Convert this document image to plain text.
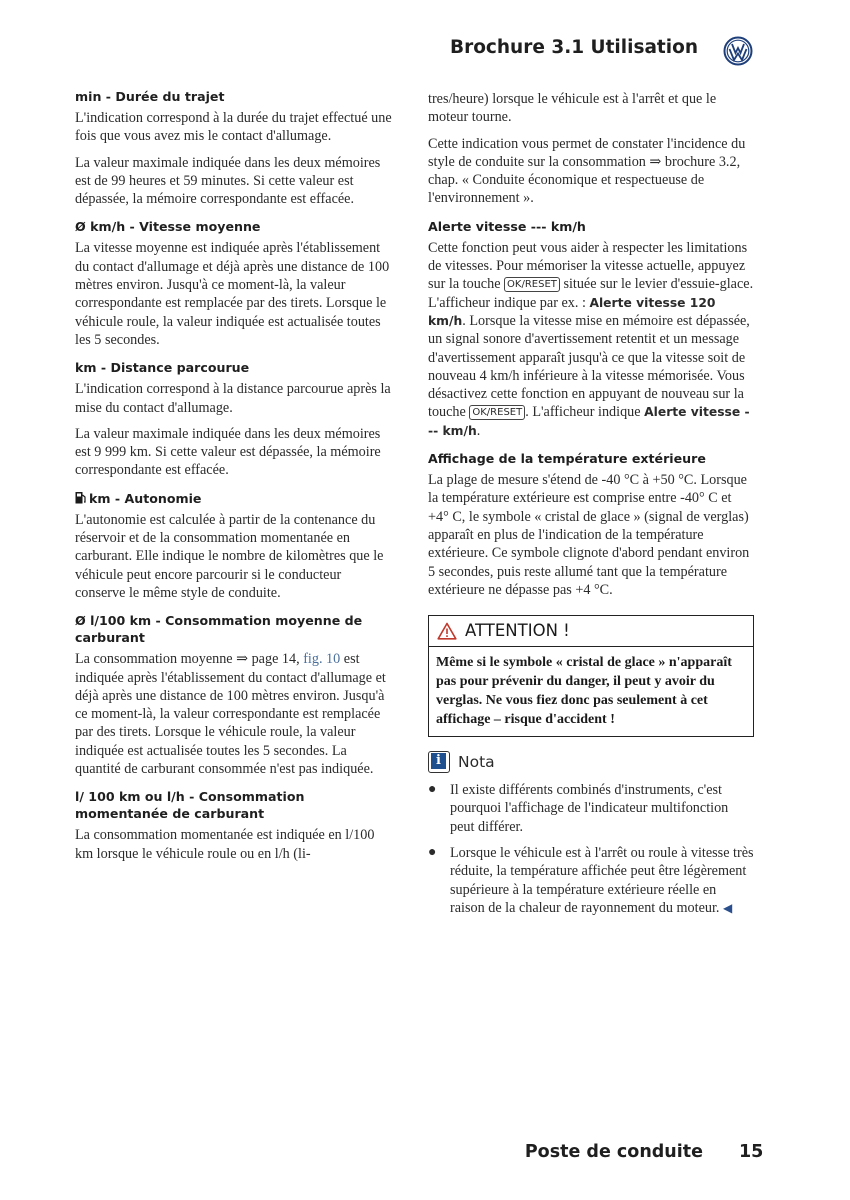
Brochure 3.1 Utilisation
min - Durée du trajet

L'indication correspond à la durée du trajet effectué une fois que vous avez mis le contact d'allumage.

La valeur maximale indiquée dans les deux mémoires est de 99 heures et 59 minutes. Si cette valeur est dépassée, la mémoire correspondante est effacée.

Ø km/h - Vitesse moyenne

La vitesse moyenne est indiquée après l'établissement du contact d'allumage et déjà après une distance de 100 mètres environ. Jusqu'à ce moment-là, la valeur correspondante est remplacée par des tirets. Lorsque le véhicule roule, la valeur indiquée est actualisée toutes les 5 secondes.

km - Distance parcourue

L'indication correspond à la distance parcourue après la mise du contact d'allumage.

La valeur maximale indiquée dans les deux mémoires est 9 999 km. Si cette valeur est dépassée, la mémoire correspondante est effacée.

km - Autonomie

L'autonomie est calculée à partir de la contenance du réservoir et de la consommation momentanée en carburant. Elle indique le nombre de kilomètres que le véhicule peut encore parcourir si le conducteur conserve le même style de conduite.

Ø l/100 km - Consommation moyenne de carburant

La consommation moyenne ⇒ page 14, fig. 10 est indiquée après l'établissement du contact d'allumage et déjà après une distance de 100 mètres environ. Jusqu'à ce moment-là, la valeur correspondante est remplacée par des tirets. Lorsque le véhicule roule, la valeur indiquée est actualisée toutes les 5 secondes. La quantité de carburant consommée n'est pas indiquée.

l/ 100 km ou l/h - Consommation momentanée de carburant

La consommation momentanée est indiquée en l/100 km lorsque le véhicule roule ou en l/h (li-

tres/heure) lorsque le véhicule est à l'arrêt et que le moteur tourne.

Cette indication vous permet de constater l'incidence du style de conduite sur la consommation ⇒ brochure 3.2, chap. « Conduite économique et respectueuse de l'environnement ».

Alerte vitesse --- km/h

Cette fonction peut vous aider à respecter les limitations de vitesses. Pour mémoriser la vitesse actuelle, appuyez sur la touche OK/RESET située sur le levier d'essuie-glace. L'afficheur indique par ex. : Alerte vitesse 120 km/h. Lorsque la vitesse mise en mémoire est dépassée, un signal sonore d'avertissement retentit et un message d'avertissement apparaît jusqu'à ce que la vitesse soit de nouveau 4 km/h inférieure à la vitesse mémorisée. Vous désactivez cette fonction en appuyant de nouveau sur la touche OK/RESET . L'afficheur indique Alerte vitesse --- km/h.

Affichage de la température extérieure

La plage de mesure s'étend de -40 °C à +50 °C. Lorsque la température extérieure est comprise entre -40° C et +4° C, le symbole « cristal de glace » (signal de verglas) apparaît en plus de l'indication de la température extérieure. Ce symbole clignote d'abord pendant environ 5 secondes, puis reste allumé tant que la température extérieure ne dépasse pas +4 °C.

ATTENTION !
Même si le symbole « cristal de glace » n'apparaît pas pour prévenir du danger, il peut y avoir du verglas. Ne vous fiez donc pas seulement à cet affichage – risque d'accident !
i
Nota
● Il existe différents combinés d'instruments, c'est pourquoi l'affichage de l'indicateur multifonction peut différer.
● Lorsque le véhicule est à l'arrêt ou roule à vitesse très réduite, la température affichée peut être légèrement supérieure à la température extérieure réelle en raison de la chaleur de rayonnement du moteur. ◀
Poste de conduite 15
